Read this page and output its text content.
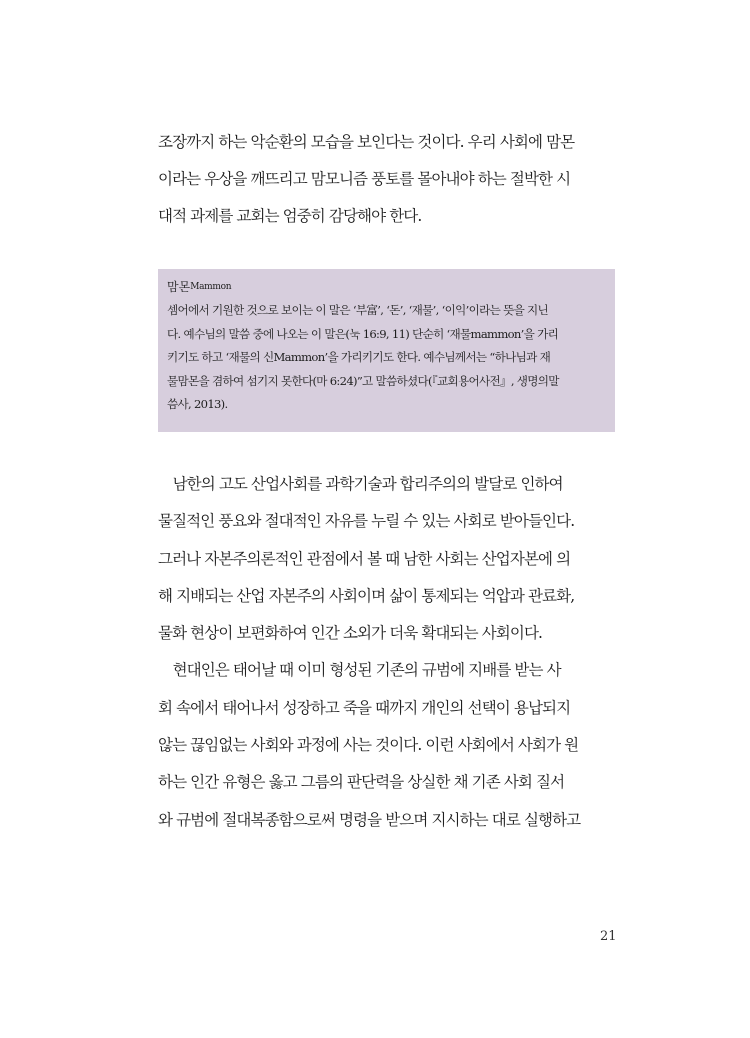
조장까지 하는 악순환의 모습을 보인다는 것이다. 우리 사회에 맘몬
이라는 우상을 깨뜨리고 맘모니즘 풍토를 몰아내야 하는 절박한 시
대적 과제를 교회는 엄중히 감당해야 한다.
맘몬$^{Mammon}$
셈어에서 기원한 것으로 보이는 이 말은 ‘부富’, ‘돈’, ‘재물’, ‘이익’이라는 뜻을 지닌
다. 예수님의 말씀 중에 나오는 이 말은(눅 16:9, 11) 단순히 ‘재물mammon’을 가리
키기도 하고 ‘재물의 신Mammon’을 가리키기도 한다. 예수님께서는 “하나님과 재
물맘몬을 겸하여 섬기지 못한다(마 6:24)”고 말씀하셨다(『교회용어사전』, 생명의말
씀사, 2013).
　남한의 고도 산업사회를 과학기술과 합리주의의 발달로 인하여
물질적인 풍요와 절대적인 자유를 누릴 수 있는 사회로 받아들인다.
그러나 자본주의론적인 관점에서 볼 때 남한 사회는 산업자본에 의
해 지배되는 산업 자본주의 사회이며 삶이 통제되는 억압과 관료화,
물화 현상이 보편화하여 인간 소외가 더욱 확대되는 사회이다.
　현대인은 태어날 때 이미 형성된 기존의 규범에 지배를 받는 사
회 속에서 태어나서 성장하고 죽을 때까지 개인의 선택이 용납되지
않는 끊임없는 사회와 과정에 사는 것이다. 이런 사회에서 사회가 원
하는 인간 유형은 옳고 그름의 판단력을 상실한 채 기존 사회 질서
와 규범에 절대복종함으로써 명령을 받으며 지시하는 대로 실행하고
21
